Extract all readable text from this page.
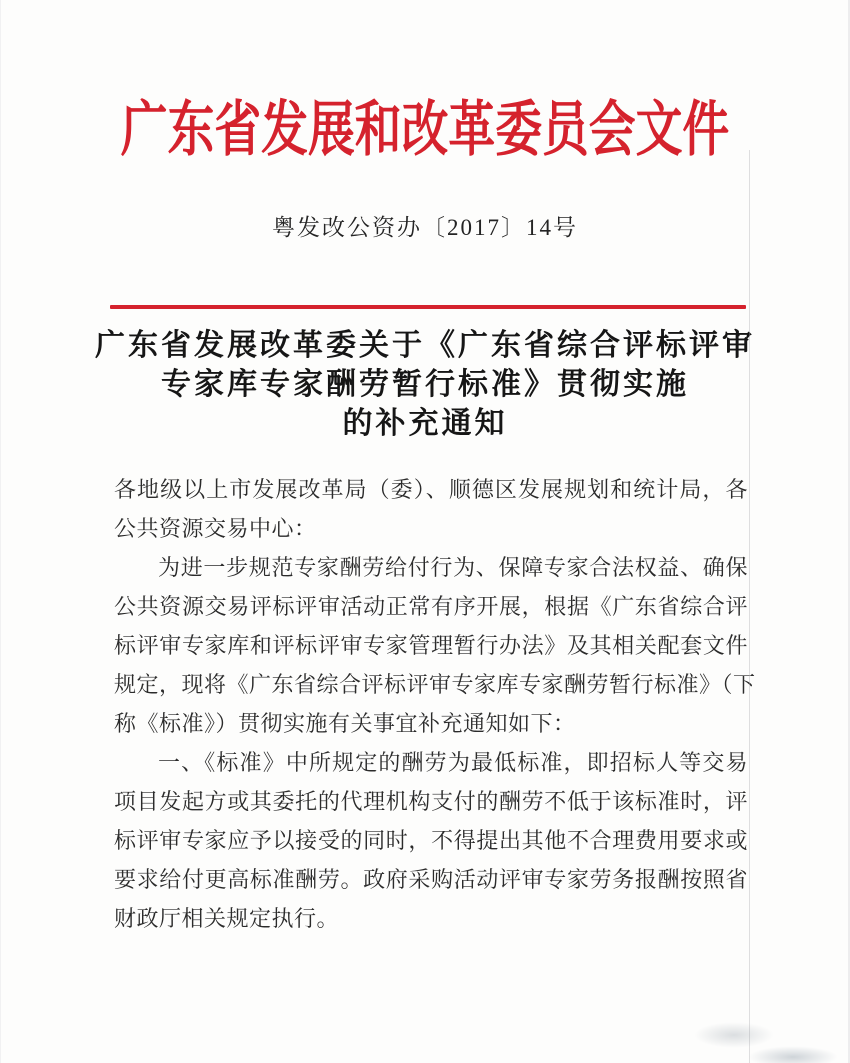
广东省发展和改革委员会文件
粤发改公资办〔2017〕14号
广东省发展改革委关于《广东省综合评标评审
专家库专家酬劳暂行标准》贯彻实施
的补充通知
各地级以上市发展改革局（委）、顺德区发展规划和统计局，各
公共资源交易中心：
为进一步规范专家酬劳给付行为、保障专家合法权益、确保
公共资源交易评标评审活动正常有序开展，根据《广东省综合评
标评审专家库和评标评审专家管理暂行办法》及其相关配套文件
规定，现将《广东省综合评标评审专家库专家酬劳暂行标准》（下
称《标准》）贯彻实施有关事宜补充通知如下：
一、《标准》中所规定的酬劳为最低标准，即招标人等交易
项目发起方或其委托的代理机构支付的酬劳不低于该标准时，评
标评审专家应予以接受的同时，不得提出其他不合理费用要求或
要求给付更高标准酬劳。政府采购活动评审专家劳务报酬按照省
财政厅相关规定执行。
